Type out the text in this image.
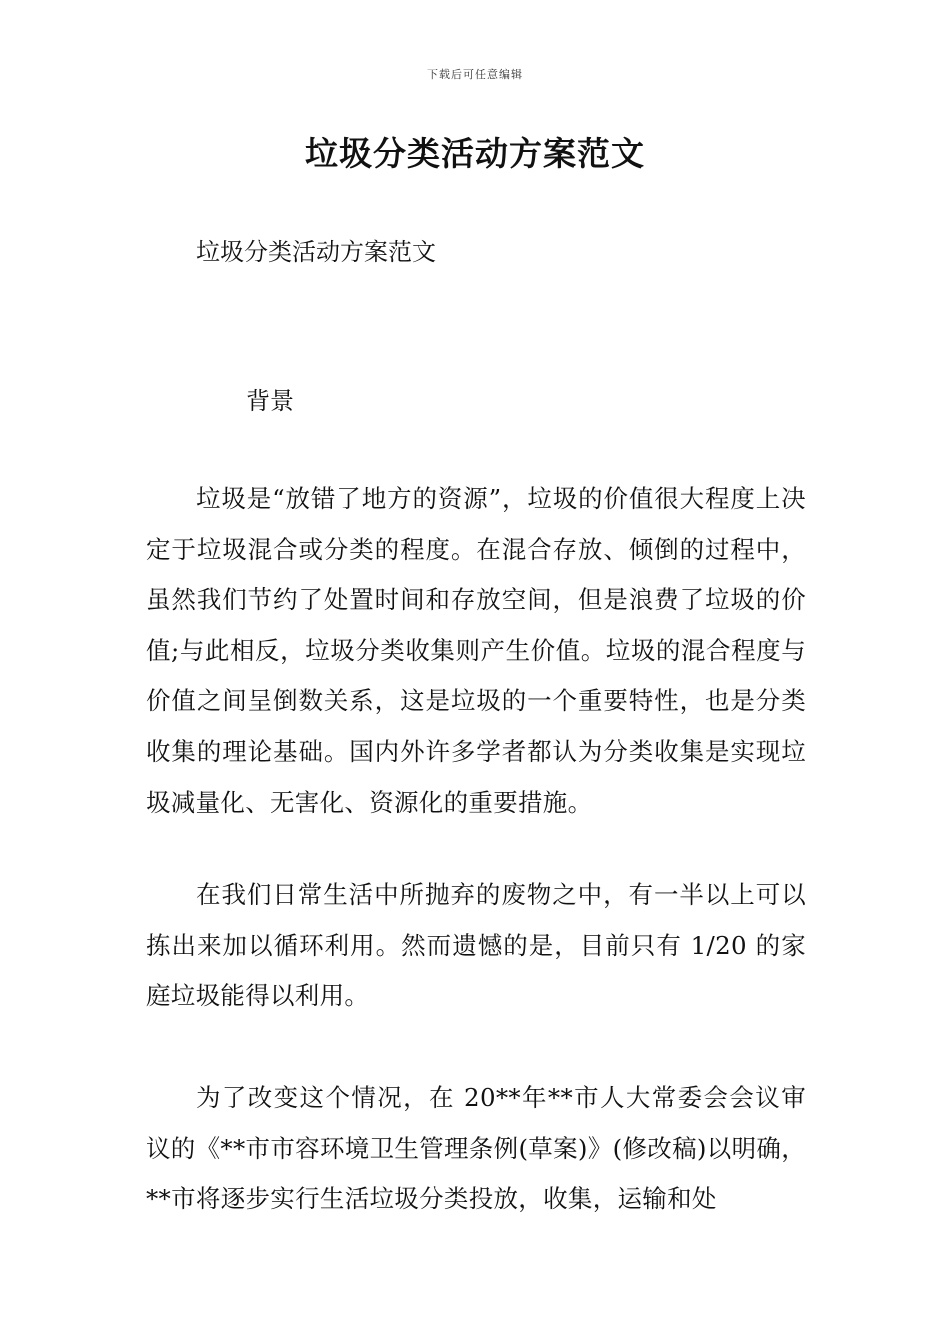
下载后可任意编辑
垃圾分类活动方案范文

垃圾分类活动方案范文

背景

垃圾是“放错了地方的资源”，垃圾的价值很大程度上决定于垃圾混合或分类的程度。在混合存放、倾倒的过程中，虽然我们节约了处置时间和存放空间，但是浪费了垃圾的价值;与此相反，垃圾分类收集则产生价值。垃圾的混合程度与价值之间呈倒数关系，这是垃圾的一个重要特性，也是分类收集的理论基础。国内外许多学者都认为分类收集是实现垃圾减量化、无害化、资源化的重要措施。

在我们日常生活中所抛弃的废物之中，有一半以上可以拣出来加以循环利用。然而遗憾的是，目前只有 1/20 的家庭垃圾能得以利用。

为了改变这个情况，在 20**年**市人大常委会会议审议的《**市市容环境卫生管理条例(草案)》(修改稿)以明确，**市将逐步实行生活垃圾分类投放，收集，运输和处
